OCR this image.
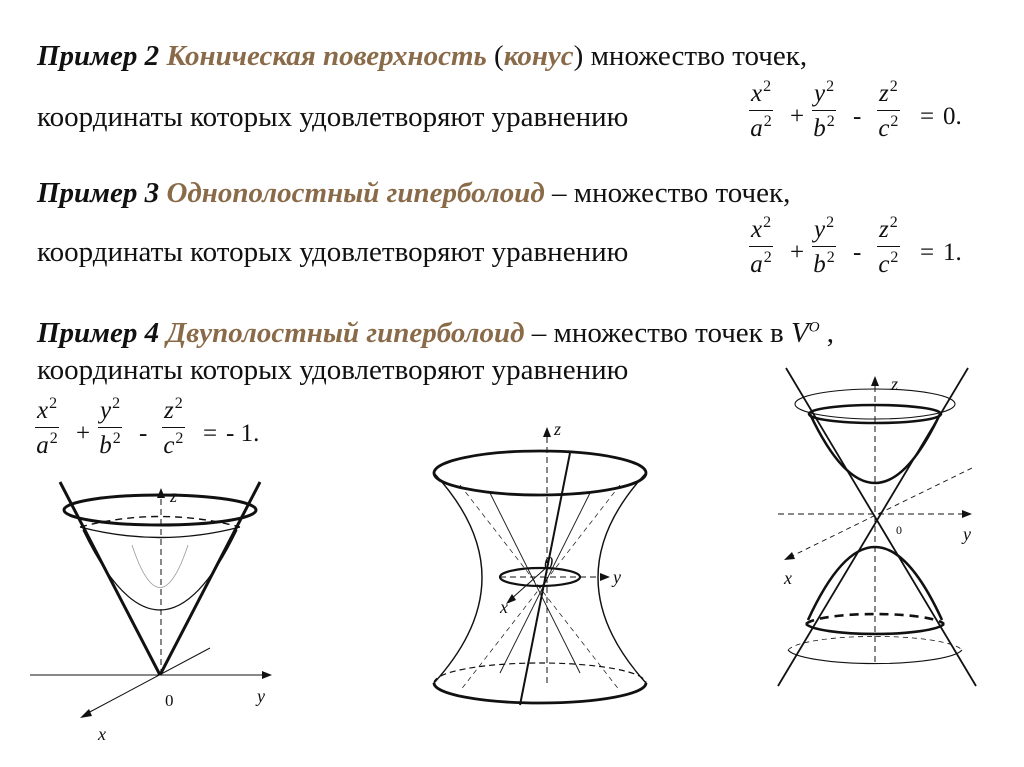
Пример 2 Коническая поверхность (конус) множество точек,
координаты которых удовлетворяют уравнению	$\frac{x^2}{a^2} + \frac{y^2}{b^2} - \frac{z^2}{c^2} = 0$.
Пример 3 Однополостный гиперболоид – множество точек,
координаты которых удовлетворяют уравнению	$\frac{x^2}{a^2} + \frac{y^2}{b^2} - \frac{z^2}{c^2} = 1$.
Пример 4 Двуполостный гиперболоид – множество точек в $V^O$ ,
координаты которых удовлетворяют уравнению
$\frac{x^2}{a^2} + \frac{y^2}{b^2} - \frac{z^2}{c^2}$ = - 1.
z
y
x
0
z
y
x
0
z
y
x
0
